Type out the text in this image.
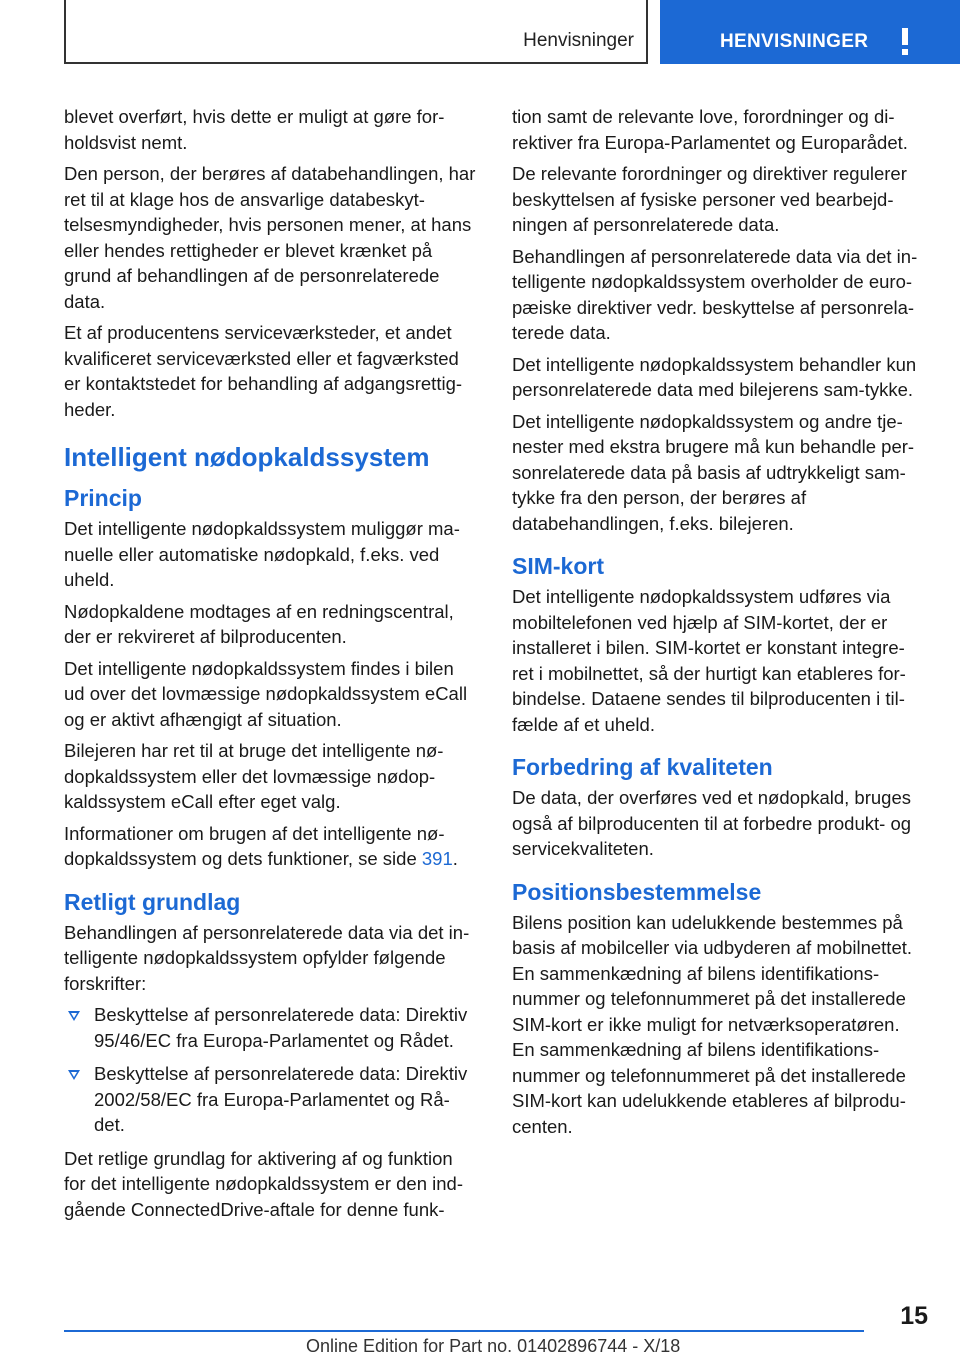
Henvisninger	HENVISNINGER

blevet overført, hvis dette er muligt at gøre for-holdsvist nemt.

Den person, der berøres af databehandlingen, har ret til at klage hos de ansvarlige databeskyt-telsesmyndigheder, hvis personen mener, at hans eller hendes rettigheder er blevet krænket på grund af behandlingen af de personrelaterede data.

Et af producentens serviceværksteder, et andet kvalificeret serviceværksted eller et fagværksted er kontaktstedet for behandling af adgangsrettig-heder.

Intelligent nødopkaldssystem
Princip

Det intelligente nødopkaldssystem muliggør ma-nuelle eller automatiske nødopkald, f.eks. ved uheld.

Nødopkaldene modtages af en redningscentral, der er rekvireret af bilproducenten.

Det intelligente nødopkaldssystem findes i bilen ud over det lovmæssige nødopkaldssystem eCall og er aktivt afhængigt af situation.

Bilejeren har ret til at bruge det intelligente nø-dopkaldssystem eller det lovmæssige nødop-kaldssystem eCall efter eget valg.

Informationer om brugen af det intelligente nø-dopkaldssystem og dets funktioner, se side 391.

Retligt grundlag

Behandlingen af personrelaterede data via det in-telligente nødopkaldssystem opfylder følgende forskrifter:

Beskyttelse af personrelaterede data: Direktiv 95/46/EC fra Europa-Parlamentet og Rådet.
Beskyttelse af personrelaterede data: Direktiv 2002/58/EC fra Europa-Parlamentet og Rå-det.

Det retlige grundlag for aktivering af og funktion for det intelligente nødopkaldssystem er den ind-gående ConnectedDrive-aftale for denne funk-

tion samt de relevante love, forordninger og di-rektiver fra Europa-Parlamentet og Europarådet.

De relevante forordninger og direktiver regulerer beskyttelsen af fysiske personer ved bearbejd-ningen af personrelaterede data.

Behandlingen af personrelaterede data via det in-telligente nødopkaldssystem overholder de euro-pæiske direktiver vedr. beskyttelse af personrela-terede data.

Det intelligente nødopkaldssystem behandler kun personrelaterede data med bilejerens sam-tykke.

Det intelligente nødopkaldssystem og andre tje-nester med ekstra brugere må kun behandle per-sonrelaterede data på basis af udtrykkeligt sam-tykke fra den person, der berøres af databehandlingen, f.eks. bilejeren.

SIM-kort

Det intelligente nødopkaldssystem udføres via mobiltelefonen ved hjælp af SIM-kortet, der er installeret i bilen. SIM-kortet er konstant integre-ret i mobilnettet, så der hurtigt kan etableres for-bindelse. Dataene sendes til bilproducenten i til-fælde af et uheld.

Forbedring af kvaliteten

De data, der overføres ved et nødopkald, bruges også af bilproducenten til at forbedre produkt- og servicekvaliteten.

Positionsbestemmelse

Bilens position kan udelukkende bestemmes på basis af mobilceller via udbyderen af mobilnettet. En sammenkædning af bilens identifikations-nummer og telefonnummeret på det installerede SIM-kort er ikke muligt for netværksoperatøren. En sammenkædning af bilens identifikations-nummer og telefonnummeret på det installerede SIM-kort kan udelukkende etableres af bilprodu-centen.

15
Online Edition for Part no. 01402896744 - X/18
